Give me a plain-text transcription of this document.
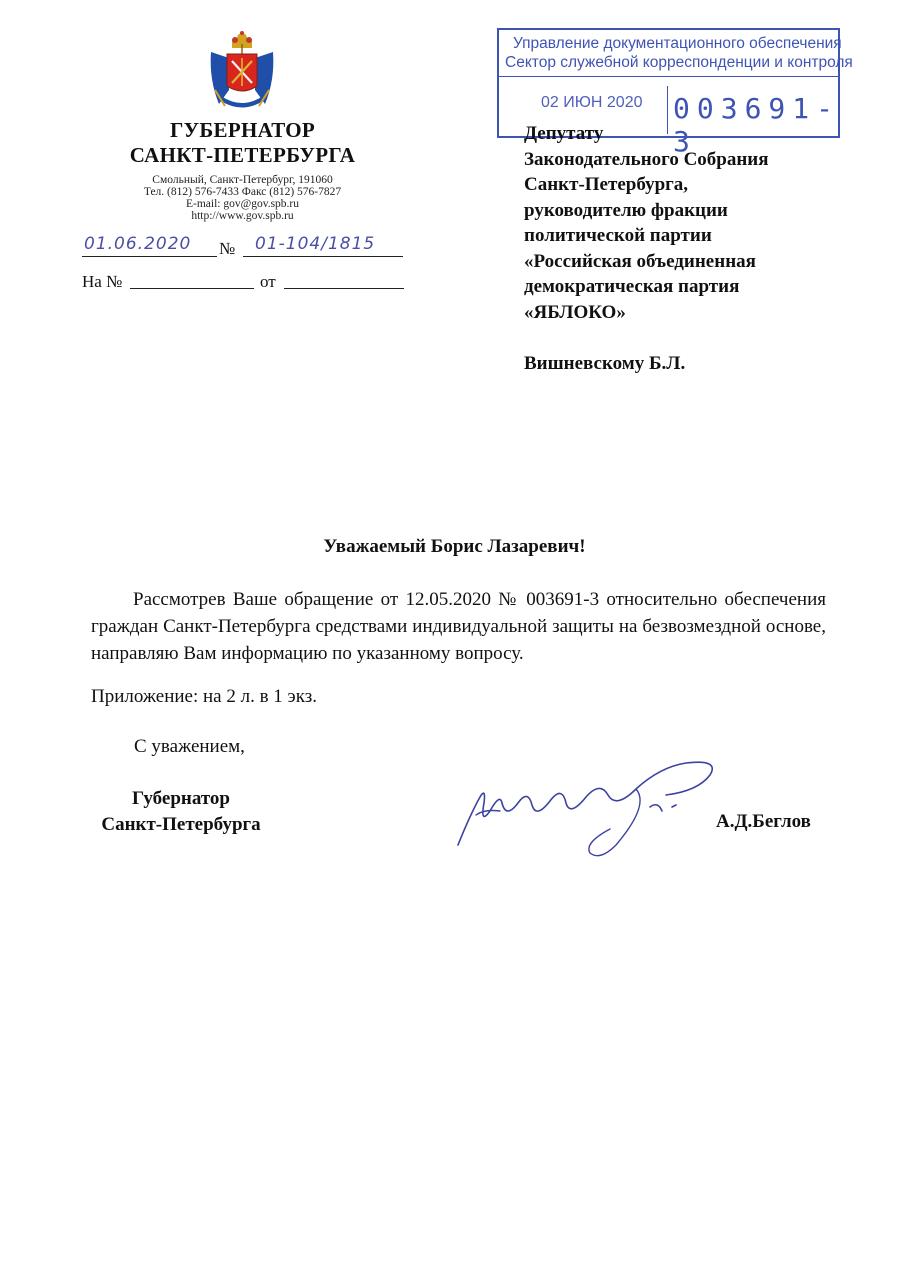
ГУБЕРНАТОР
САНКТ-ПЕТЕРБУРГА
Смольный, Санкт-Петербург, 191060
Тел. (812) 576-7433 Факс (812) 576-7827
E-mail: gov@gov.spb.ru
http://www.gov.spb.ru
01.06.2020 № 01-104/1815
На №	от
Управление документационного обеспечения
Сектор служебной корреспонденции и контроля
02 ИЮН 2020 003691-3
Депутату
Законодательного Собрания
Санкт-Петербурга,
руководителю фракции
политической партии
«Российская объединенная
демократическая партия
«ЯБЛОКО»
Вишневскому Б.Л.
Уважаемый Борис Лазаревич!
Рассмотрев Ваше обращение от 12.05.2020 № 003691-3 относительно обеспечения граждан Санкт-Петербурга средствами индивидуальной защиты на безвозмездной основе, направляю Вам информацию по указанному вопросу.
Приложение: на 2 л. в 1 экз.
С уважением,
Губернатор
Санкт-Петербурга	А.Д.Беглов
